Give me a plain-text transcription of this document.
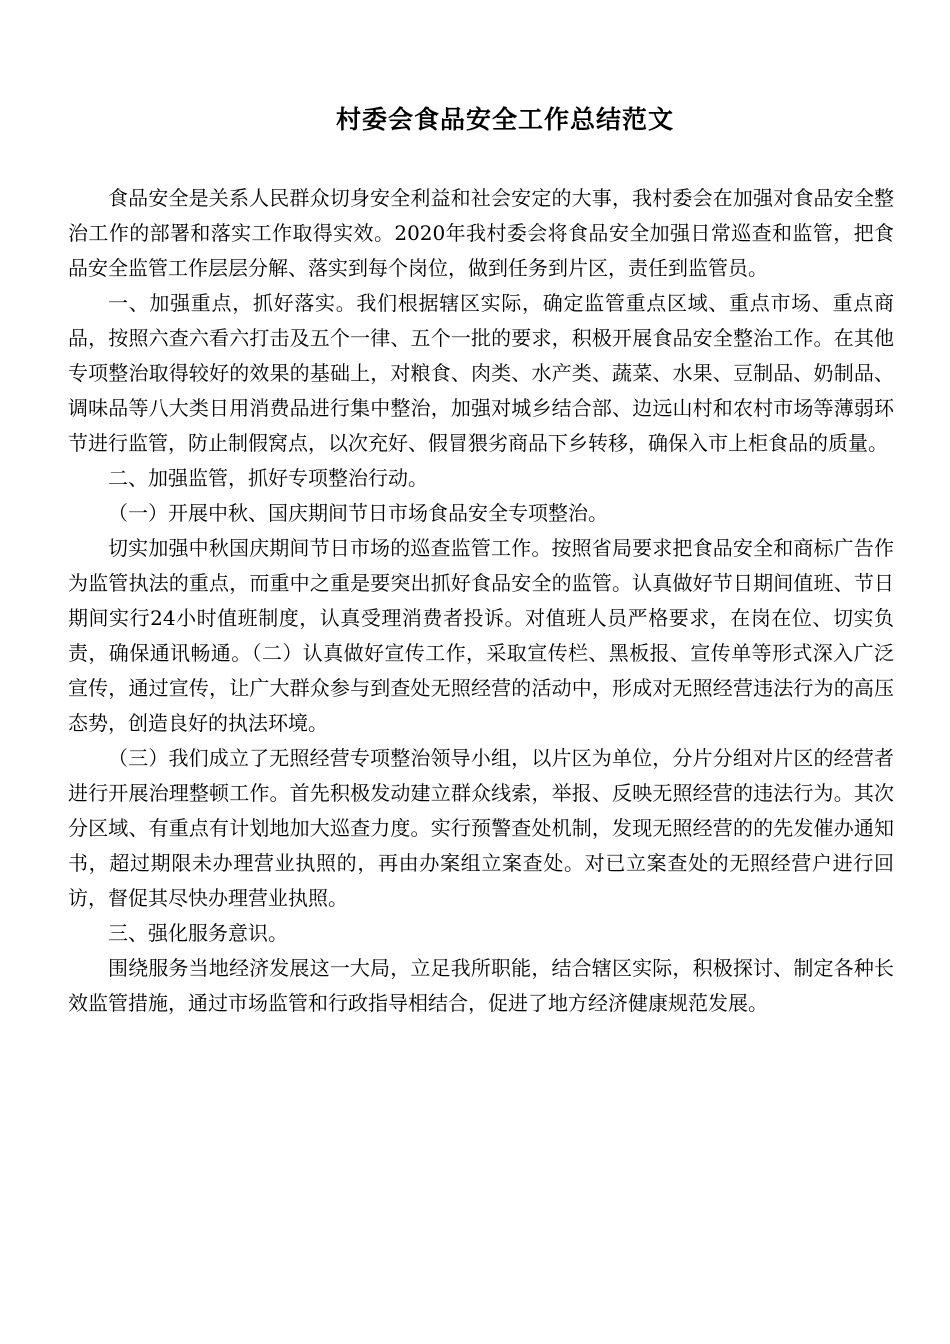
村委会食品安全工作总结范文

食品安全是关系人民群众切身安全利益和社会安定的大事，我村委会在加强对食品安全整治工作的部署和落实工作取得实效。2020年我村委会将食品安全加强日常巡查和监管，把食品安全监管工作层层分解、落实到每个岗位，做到任务到片区，责任到监管员。

一、加强重点，抓好落实。我们根据辖区实际，确定监管重点区域、重点市场、重点商品，按照六查六看六打击及五个一律、五个一批的要求，积极开展食品安全整治工作。在其他专项整治取得较好的效果的基础上，对粮食、肉类、水产类、蔬菜、水果、豆制品、奶制品、调味品等八大类日用消费品进行集中整治，加强对城乡结合部、边远山村和农村市场等薄弱环节进行监管，防止制假窝点，以次充好、假冒猥劣商品下乡转移，确保入市上柜食品的质量。

二、加强监管，抓好专项整治行动。

（一）开展中秋、国庆期间节日市场食品安全专项整治。

切实加强中秋国庆期间节日市场的巡查监管工作。按照省局要求把食品安全和商标广告作为监管执法的重点，而重中之重是要突出抓好食品安全的监管。认真做好节日期间值班、节日期间实行24小时值班制度，认真受理消费者投诉。对值班人员严格要求，在岗在位、切实负责，确保通讯畅通。（二）认真做好宣传工作，采取宣传栏、黑板报、宣传单等形式深入广泛宣传，通过宣传，让广大群众参与到查处无照经营的活动中，形成对无照经营违法行为的高压态势，创造良好的执法环境。

（三）我们成立了无照经营专项整治领导小组，以片区为单位，分片分组对片区的经营者进行开展治理整顿工作。首先积极发动建立群众线索，举报、反映无照经营的违法行为。其次分区域、有重点有计划地加大巡查力度。实行预警查处机制，发现无照经营的的先发催办通知书，超过期限未办理营业执照的，再由办案组立案查处。对已立案查处的无照经营户进行回访，督促其尽快办理营业执照。

三、强化服务意识。

围绕服务当地经济发展这一大局，立足我所职能，结合辖区实际，积极探讨、制定各种长效监管措施，通过市场监管和行政指导相结合，促进了地方经济健康规范发展。
